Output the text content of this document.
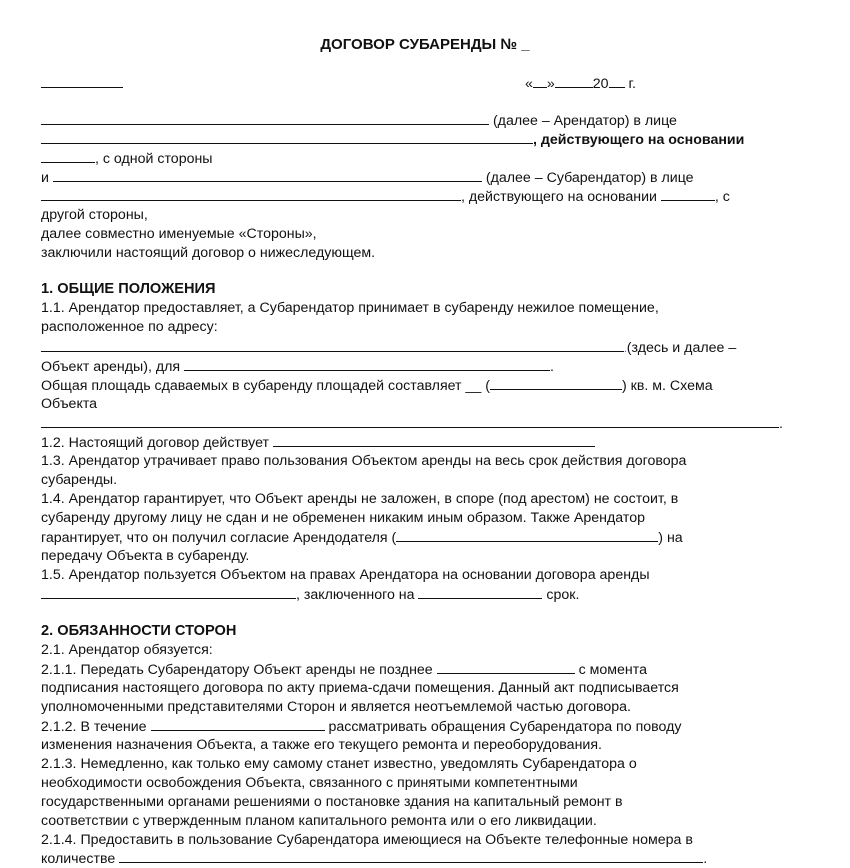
ДОГОВОР СУБАРЕНДЫ № _
« »	20 г.
(далее – Арендатор) в лице
, действующего на основании
, с одной стороны
и	(далее – Субарендатор) в лице
, действующего на основании	, с
другой стороны,
далее совместно именуемые «Стороны»,
заключили настоящий договор о нижеследующем.
1. ОБЩИЕ ПОЛОЖЕНИЯ
1.1. Арендатор предоставляет, а Субарендатор принимает в субаренду нежилое помещение,
расположенное по адресу:
.(здесь и далее –
Объект аренды), для	.
Общая площадь сдаваемых в субаренду площадей составляет __ (	) кв. м. Схема
Объекта
.
1.2. Настоящий договор действует
1.3. Арендатор утрачивает право пользования Объектом аренды на весь срок действия договора
субаренды.
1.4. Арендатор гарантирует, что Объект аренды не заложен, в споре (под арестом) не состоит, в
субаренду другому лицу не сдан и не обременен никаким иным образом. Также Арендатор
гарантирует, что он получил согласие Арендодателя (	) на
передачу Объекта в субаренду.
1.5. Арендатор пользуется Объектом на правах Арендатора на основании договора аренды
, заключенного на	срок.
2. ОБЯЗАННОСТИ СТОРОН
2.1. Арендатор обязуется:
2.1.1. Передать Субарендатору Объект аренды не позднее	с момента
подписания настоящего договора по акту приема-сдачи помещения. Данный акт подписывается
уполномоченными представителями Сторон и является неотъемлемой частью договора.
2.1.2. В течение	рассматривать обращения Субарендатора по поводу
изменения назначения Объекта, а также его текущего ремонта и переоборудования.
2.1.3. Немедленно, как только ему самому станет известно, уведомлять Субарендатора о
необходимости освобождения Объекта, связанного с принятыми компетентными
государственными органами решениями о постановке здания на капитальный ремонт в
соответствии с утвержденным планом капитального ремонта или о его ликвидации.
2.1.4. Предоставить в пользование Субарендатора имеющиеся на Объекте телефонные номера в
количестве	.
